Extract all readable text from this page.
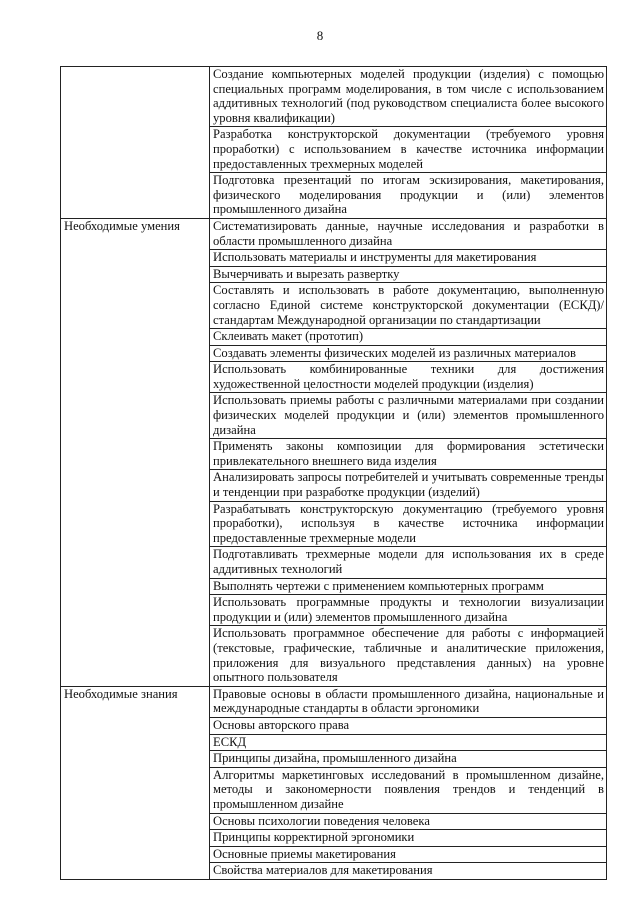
8
	Создание компьютерных моделей продукции (изделия) с помощью специальных программ моделирования, в том числе с использованием аддитивных технологий (под руководством специалиста более высокого уровня квалификации)
	Разработка конструкторской документации (требуемого уровня проработки) с использованием в качестве источника информации предоставленных трехмерных моделей
	Подготовка презентаций по итогам эскизирования, макетирования, физического моделирования продукции и (или) элементов промышленного дизайна
Необходимые умения	Систематизировать данные, научные исследования и разработки в области промышленного дизайна
	Использовать материалы и инструменты для макетирования
	Вычерчивать и вырезать развертку
	Составлять и использовать в работе документацию, выполненную согласно Единой системе конструкторской документации (ЕСКД)/стандартам Международной организации по стандартизации
	Склеивать макет (прототип)
	Создавать элементы физических моделей из различных материалов
	Использовать комбинированные техники для достижения художественной целостности моделей продукции (изделия)
	Использовать приемы работы с различными материалами при создании физических моделей продукции и (или) элементов промышленного дизайна
	Применять законы композиции для формирования эстетически привлекательного внешнего вида изделия
	Анализировать запросы потребителей и учитывать современные тренды и тенденции при разработке продукции (изделий)
	Разрабатывать конструкторскую документацию (требуемого уровня проработки), используя в качестве источника информации предоставленные трехмерные модели
	Подготавливать трехмерные модели для использования их в среде аддитивных технологий
	Выполнять чертежи с применением компьютерных программ
	Использовать программные продукты и технологии визуализации продукции и (или) элементов промышленного дизайна
	Использовать программное обеспечение для работы с информацией (текстовые, графические, табличные и аналитические приложения, приложения для визуального представления данных) на уровне опытного пользователя
Необходимые знания	Правовые основы в области промышленного дизайна, национальные и международные стандарты в области эргономики
	Основы авторского права
	ЕСКД
	Принципы дизайна, промышленного дизайна
	Алгоритмы маркетинговых исследований в промышленном дизайне, методы и закономерности появления трендов и тенденций в промышленном дизайне
	Основы психологии поведения человека
	Принципы корректирной эргономики
	Основные приемы макетирования
	Свойства материалов для макетирования
